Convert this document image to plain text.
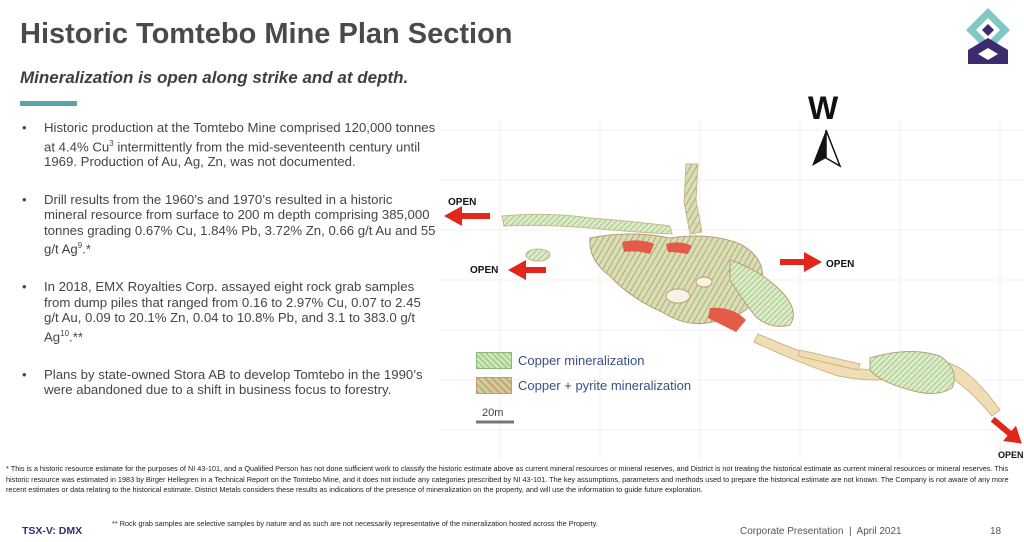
Historic Tomtebo Mine Plan Section
Mineralization is open along strike and at depth.
• Historic production at the Tomtebo Mine comprised 120,000 tonnes at 4.4% Cu$^3$ intermittently from the mid-seventeenth century until 1969. Production of Au, Ag, Zn, was not documented.
• Drill results from the 1960’s and 1970’s resulted in a historic mineral resource from surface to 200 m depth comprising 385,000 tonnes grading 0.67% Cu, 1.84% Pb, 3.72% Zn, 0.66 g/t Au and 55 g/t Ag$^9$.*
• In 2018, EMX Royalties Corp. assayed eight rock grab samples from dump piles that ranged from 0.16 to 2.97% Cu, 0.07 to 2.45 g/t Au, 0.09 to 20.1% Zn, 0.04 to 10.8% Pb, and 3.1 to 383.0 g/t Ag$^{10}$.**
• Plans by state-owned Stora AB to develop Tomtebo in the 1990’s were abandoned due to a shift in business focus to forestry.
OPEN
OPEN
OPEN
OPEN
Copper mineralization
Copper + pyrite mineralization
20m
W

* This is a historic resource estimate for the purposes of NI 43-101, and a Qualified Person has not done sufficient work to classify the historic estimate above as current mineral resources or mineral reserves, and District is not treating the historical estimate as current mineral resources or mineral reserves. This historic resource was estimated in 1983 by Birger Hellegren in a Technical Report on the Tomtebo Mine, and it does not include any categories prescribed by NI 43-101. The key assumptions, parameters and methods used to prepare the historical estimate are not known. The Company is not aware of any more recent estimates or data relating to the historical estimate. District Metals considers these results as indications of the presence of mineralization on the property, and will use the information to guide future exploration.

** Rock grab samples are selective samples by nature and as such are not necessarily representative of the mineralization hosted across the Property.

TSX-V: DMX	Corporate Presentation  |  April 2021	18
